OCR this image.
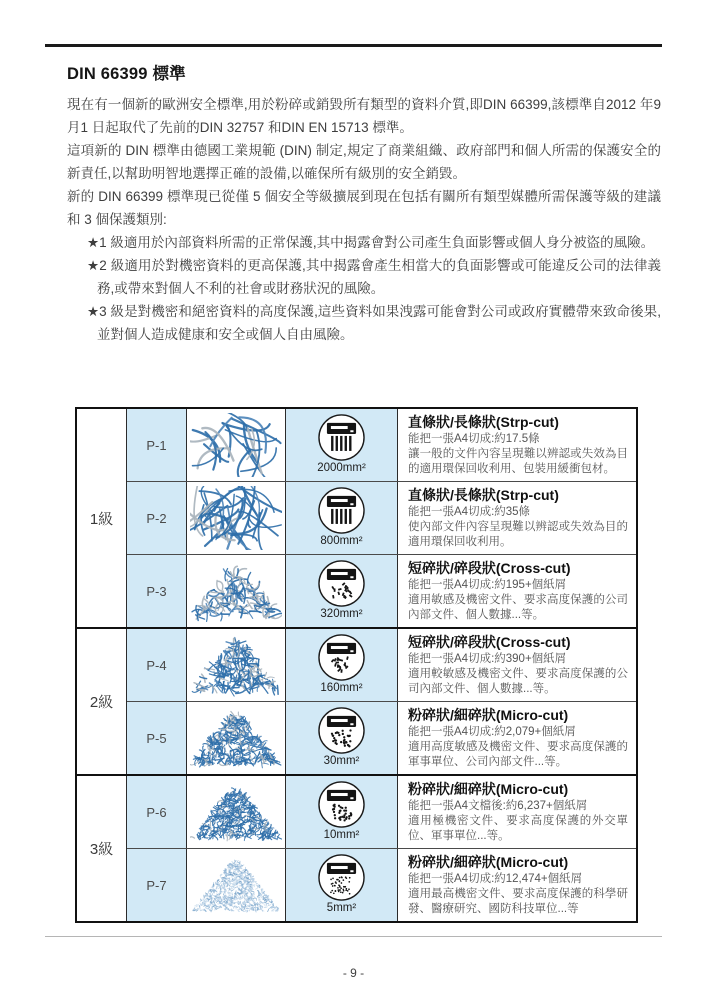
DIN 66399 標準

現在有一個新的歐洲安全標準,用於粉碎或銷毀所有類型的資料介質,即DIN 66399,該標準自2012 年9 月1 日起取代了先前的DIN 32757 和DIN EN 15713 標準。

這項新的 DIN 標準由德國工業規範 (DIN) 制定,規定了商業組織、政府部門和個人所需的保護安全的新責任,以幫助明智地選擇正確的設備,以確保所有級別的安全銷毀。

新的 DIN 66399 標準現已從僅 5 個安全等級擴展到現在包括有關所有類型媒體所需保護等級的建議和 3 個保護類別:

★1 級適用於內部資料所需的正常保護,其中揭露會對公司產生負面影響或個人身分被盜的風險。

★2 級適用於對機密資料的更高保護,其中揭露會產生相當大的負面影響或可能違反公司的法律義務,或帶來對個人不利的社會或財務狀況的風險。

★3 級是對機密和絕密資料的高度保護,這些資料如果洩露可能會對公司或政府實體帶來致命後果,並對個人造成健康和安全或個人自由風險。

1級
P-1
2000mm²
直條狀/長條狀(Strp-cut)
能把一張A4切成:約17.5條
讓一般的文件內容呈現難以辨認或失效為目的適用環保回收利用、包裝用緩衝包材。
P-2
800mm²
直條狀/長條狀(Strp-cut)
能把一張A4切成:約35條
使內部文件內容呈現難以辨認或失效為目的適用環保回收利用。
P-3
320mm²
短碎狀/碎段狀(Cross-cut)
能把一張A4切成:約195+個紙屑
適用敏感及機密文件、要求高度保護的公司內部文件、個人數據...等。
2級
P-4
160mm²
短碎狀/碎段狀(Cross-cut)
能把一張A4切成:約390+個紙屑
適用較敏感及機密文件、要求高度保護的公司內部文件、個人數據...等。
P-5
30mm²
粉碎狀/細碎狀(Micro-cut)
能把一張A4切成:約2,079+個紙屑
適用高度敏感及機密文件、要求高度保護的軍事單位、公司內部文件...等。
3級
P-6
10mm²
粉碎狀/細碎狀(Micro-cut)
能把一張A4文檔後:約6,237+個紙屑
適用極機密文件、要求高度保護的外交單位、軍事單位...等。
P-7
5mm²
粉碎狀/細碎狀(Micro-cut)
能把一張A4切成:約12,474+個紙屑
適用最高機密文件、要求高度保護的科學研發、醫療研究、國防科技單位...等
- 9 -
